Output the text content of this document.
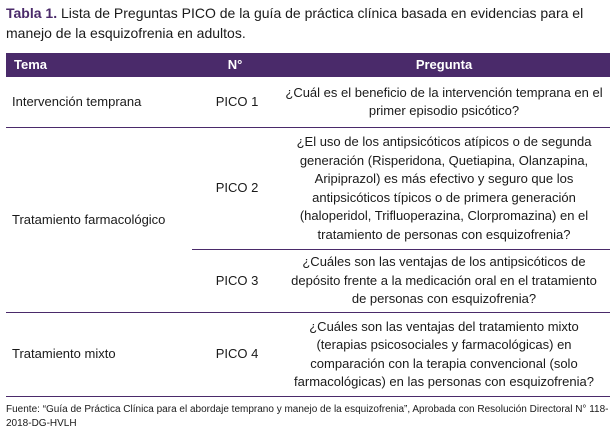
Tabla 1. Lista de Preguntas PICO de la guía de práctica clínica basada en evidencias para el manejo de la esquizofrenia en adultos.
Tema	N°	Pregunta
Intervención temprana	PICO 1	¿Cuál es el beneficio de la intervención temprana en el primer episodio psicótico?
Tratamiento farmacológico	PICO 2	¿El uso de los antipsicóticos atípicos o de segunda generación (Risperidona, Quetiapina, Olanzapina, Aripiprazol) es más efectivo y seguro que los antipsicóticos típicos o de primera generación (haloperidol, Trifluoperazina, Clorpromazina) en el tratamiento de personas con esquizofrenia?
	PICO 3	¿Cuáles son las ventajas de los antipsicóticos de depósito frente a la medicación oral en el tratamiento de personas con esquizofrenia?
Tratamiento mixto	PICO 4	¿Cuáles son las ventajas del tratamiento mixto (terapias psicosociales y farmacológicas) en comparación con la terapia convencional (solo farmacológicas) en las personas con esquizofrenia?
Fuente: “Guía de Práctica Clínica para el abordaje temprano y manejo de la esquizofrenia”, Aprobada con Resolución Directoral N° 118-2018-DG-HVLH
